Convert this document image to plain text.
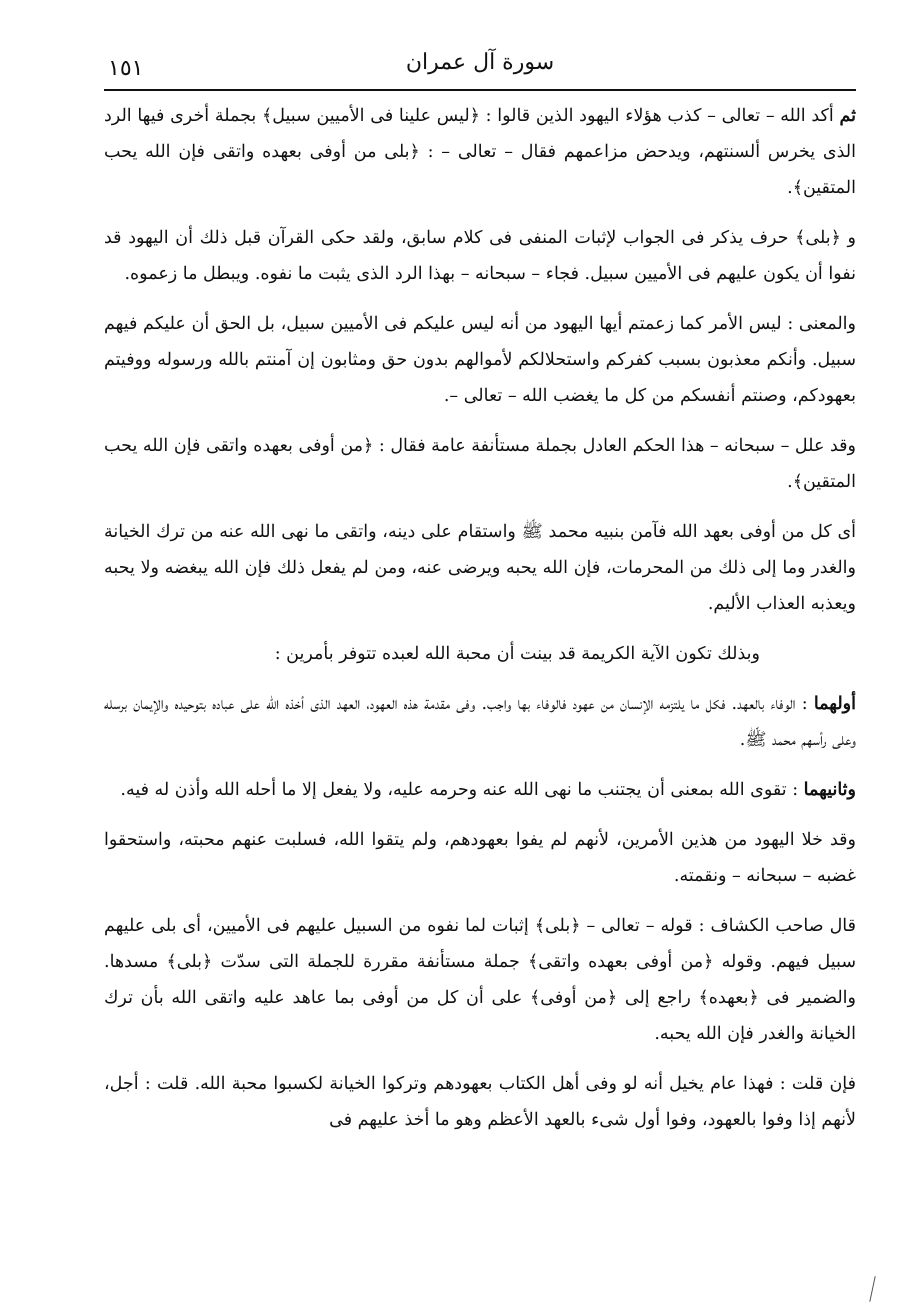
١٥١	سورة آل عمران

ثم أكد الله – تعالى – كذب هؤلاء اليهود الذين قالوا : ﴿ليس علينا فى الأميين سبيل﴾ بجملة أخرى فيها الرد الذى يخرس ألسنتهم، ويدحض مزاعمهم فقال – تعالى – : ﴿بلى من أوفى بعهده واتقى فإن الله يحب المتقين﴾.

و ﴿بلى﴾ حرف يذكر فى الجواب لإثبات المنفى فى كلام سابق، ولقد حكى القرآن قبل ذلك أن اليهود قد نفوا أن يكون عليهم فى الأميين سبيل. فجاء – سبحانه – بهذا الرد الذى يثبت ما نفوه. ويبطل ما زعموه.

والمعنى : ليس الأمر كما زعمتم أيها اليهود من أنه ليس عليكم فى الأميين سبيل، بل الحق أن عليكم فيهم سبيل. وأنكم معذبون بسبب كفركم واستحلالكم لأموالهم بدون حق ومثابون إن آمنتم بالله ورسوله ووفيتم بعهودكم، وصنتم أنفسكم من كل ما يغضب الله – تعالى –.

وقد علل – سبحانه – هذا الحكم العادل بجملة مستأنفة عامة فقال : ﴿من أوفى بعهده واتقى فإن الله يحب المتقين﴾.

أى كل من أوفى بعهد الله فآمن بنبيه محمد ﷺ واستقام على دينه، واتقى ما نهى الله عنه من ترك الخيانة والغدر وما إلى ذلك من المحرمات، فإن الله يحبه ويرضى عنه، ومن لم يفعل ذلك فإن الله يبغضه ولا يحبه ويعذبه العذاب الأليم.

وبذلك تكون الآية الكريمة قد بينت أن محبة الله لعبده تتوفر بأمرين :

أولهما : الوفاء بالعهد. فكل ما يلتزمه الإنسان من عهود فالوفاء بها واجب. وفى مقدمة هذه العهود، العهد الذى أخذه الله على عباده بتوحيده والإيمان برسله وعلى رأسهم محمد ﷺ.

وثانيهما : تقوى الله بمعنى أن يجتنب ما نهى الله عنه وحرمه عليه، ولا يفعل إلا ما أحله الله وأذن له فيه.

وقد خلا اليهود من هذين الأمرين، لأنهم لم يفوا بعهودهم، ولم يتقوا الله، فسلبت عنهم محبته، واستحقوا غضبه – سبحانه – ونقمته.

قال صاحب الكشاف : قوله – تعالى – ﴿بلى﴾ إثبات لما نفوه من السبيل عليهم فى الأميين، أى بلى عليهم سبيل فيهم. وقوله ﴿من أوفى بعهده واتقى﴾ جملة مستأنفة مقررة للجملة التى سدّت ﴿بلى﴾ مسدها. والضمير فى ﴿بعهده﴾ راجع إلى ﴿من أوفى﴾ على أن كل من أوفى بما عاهد عليه واتقى الله بأن ترك الخيانة والغدر فإن الله يحبه.

فإن قلت : فهذا عام يخيل أنه لو وفى أهل الكتاب بعهودهم وتركوا الخيانة لكسبوا محبة الله. قلت : أجل، لأنهم إذا وفوا بالعهود، وفوا أول شىء بالعهد الأعظم وهو ما أخذ عليهم فى
